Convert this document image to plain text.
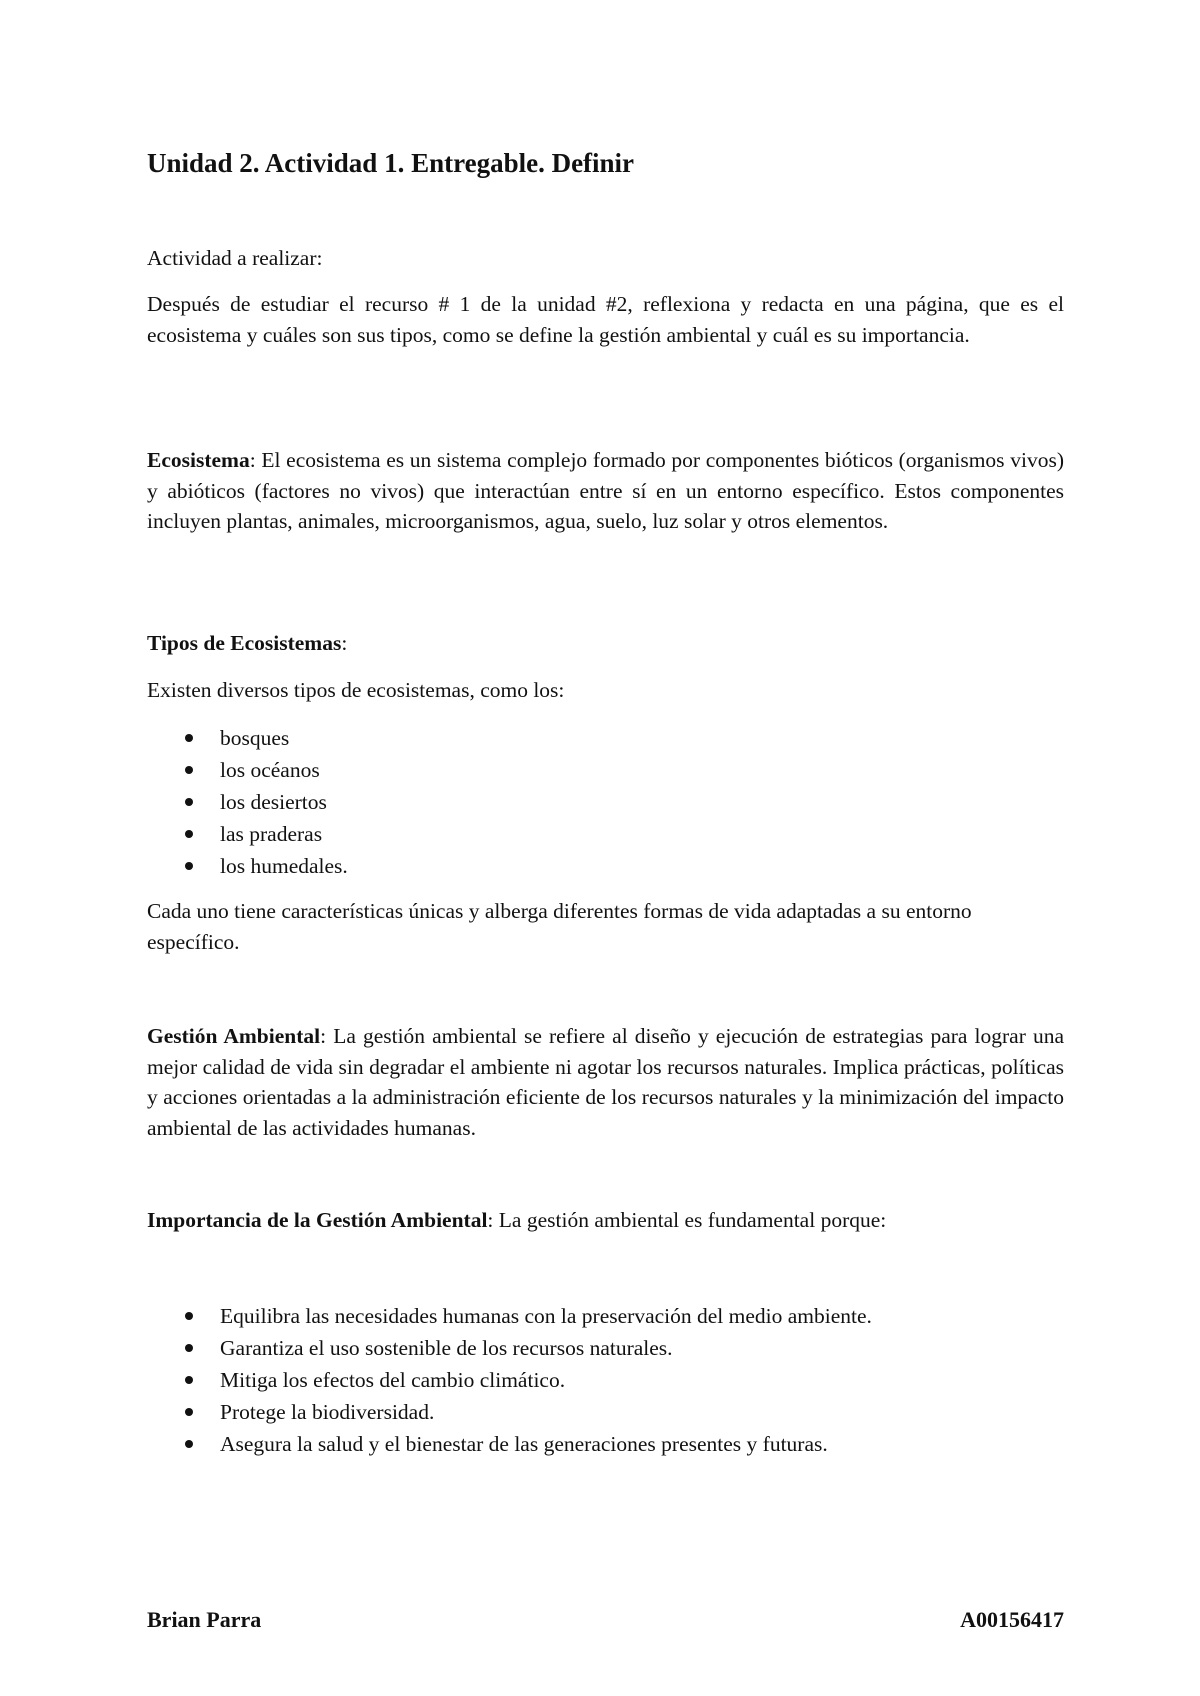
Unidad 2. Actividad 1. Entregable. Definir

Actividad a realizar:

Después de estudiar el recurso # 1 de la unidad #2, reflexiona y redacta en una página, que es el ecosistema y cuáles son sus tipos, como se define la gestión ambiental y cuál es su importancia.

Ecosistema: El ecosistema es un sistema complejo formado por componentes bióticos (organismos vivos) y abióticos (factores no vivos) que interactúan entre sí en un entorno específico. Estos componentes incluyen plantas, animales, microorganismos, agua, suelo, luz solar y otros elementos.

Tipos de Ecosistemas:

Existen diversos tipos de ecosistemas, como los:

bosques
los océanos
los desiertos
las praderas
los humedales.

Cada uno tiene características únicas y alberga diferentes formas de vida adaptadas a su entorno específico.

Gestión Ambiental: La gestión ambiental se refiere al diseño y ejecución de estrategias para lograr una mejor calidad de vida sin degradar el ambiente ni agotar los recursos naturales. Implica prácticas, políticas y acciones orientadas a la administración eficiente de los recursos naturales y la minimización del impacto ambiental de las actividades humanas.

Importancia de la Gestión Ambiental: La gestión ambiental es fundamental porque:

Equilibra las necesidades humanas con la preservación del medio ambiente.
Garantiza el uso sostenible de los recursos naturales.
Mitiga los efectos del cambio climático.
Protege la biodiversidad.
Asegura la salud y el bienestar de las generaciones presentes y futuras.
Brian Parra	A00156417
